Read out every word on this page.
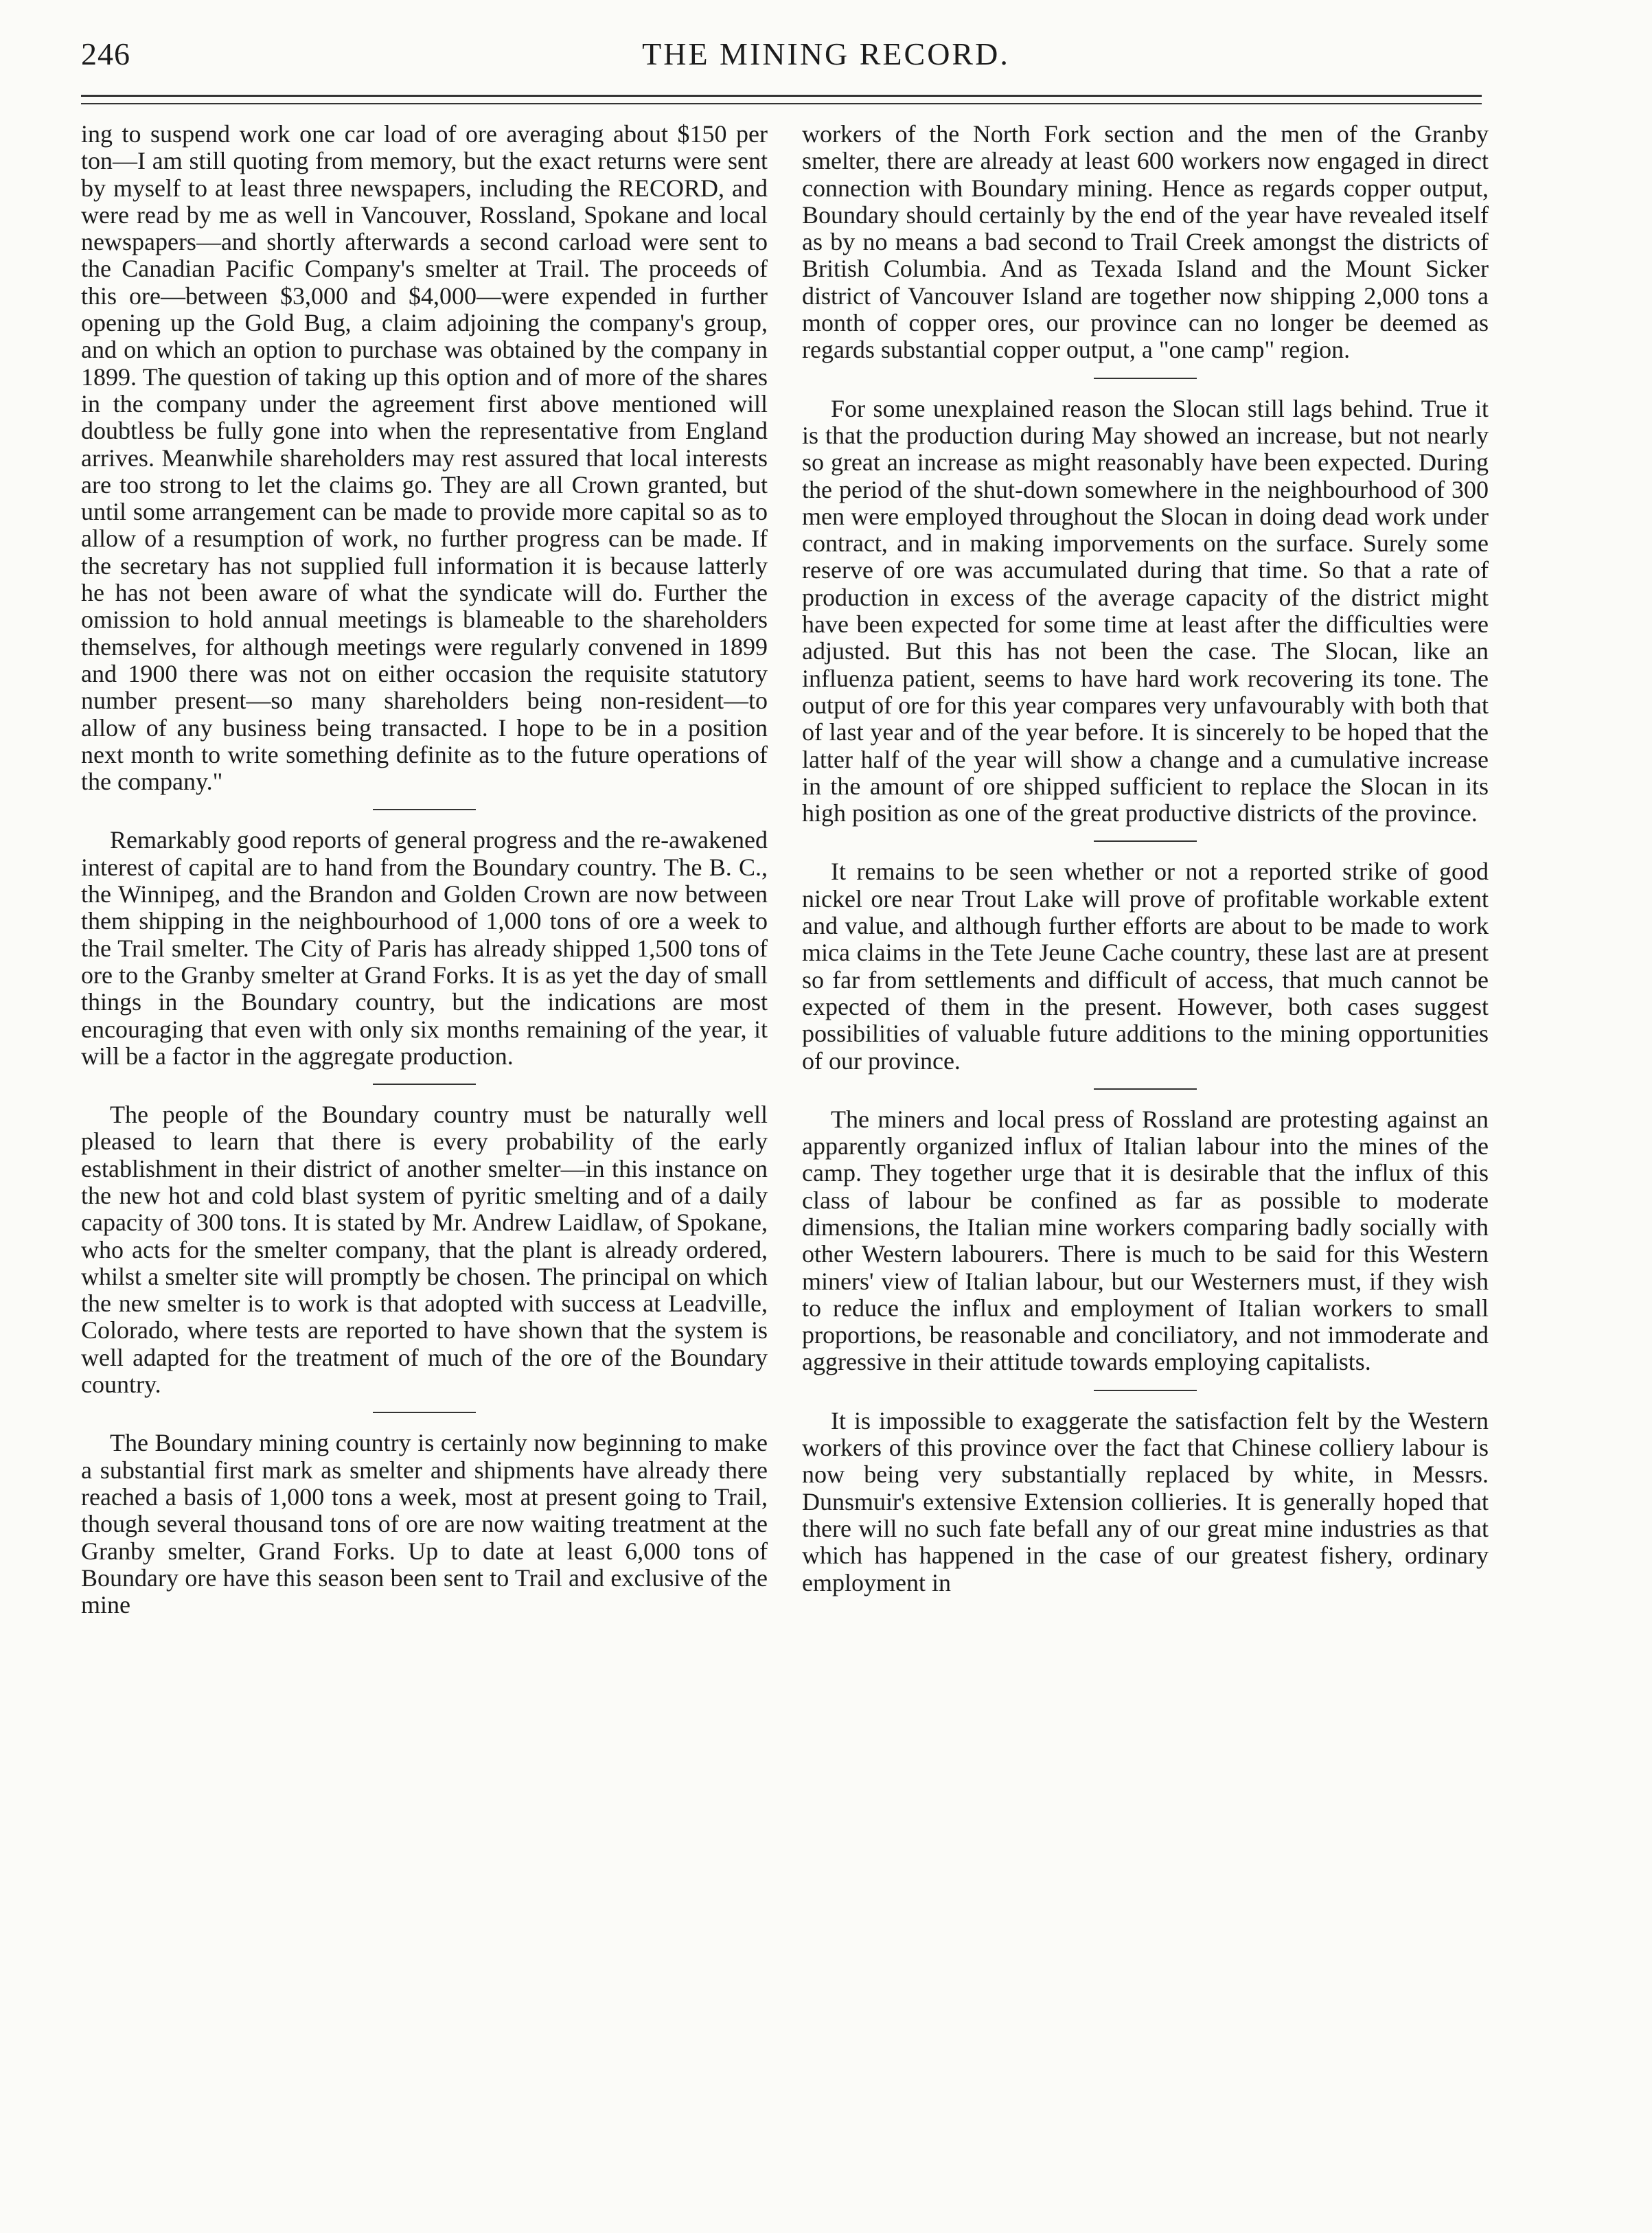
246	THE MINING RECORD.

ing to suspend work one car load of ore averaging about $150 per ton—I am still quoting from memory, but the exact returns were sent by myself to at least three newspapers, including the RECORD, and were read by me as well in Vancouver, Rossland, Spokane and local newspapers—and shortly afterwards a second carload were sent to the Canadian Pacific Company's smelter at Trail. The proceeds of this ore—between $3,000 and $4,000—were expended in further opening up the Gold Bug, a claim adjoining the company's group, and on which an option to purchase was obtained by the company in 1899. The question of taking up this option and of more of the shares in the company under the agreement first above mentioned will doubtless be fully gone into when the representative from England arrives. Meanwhile shareholders may rest assured that local interests are too strong to let the claims go. They are all Crown granted, but until some arrangement can be made to provide more capital so as to allow of a resumption of work, no further progress can be made. If the secretary has not supplied full information it is because latterly he has not been aware of what the syndicate will do. Further the omission to hold annual meetings is blameable to the shareholders themselves, for although meetings were regularly convened in 1899 and 1900 there was not on either occasion the requisite statutory number present—so many shareholders being non-resident—to allow of any business being transacted. I hope to be in a position next month to write something definite as to the future operations of the company."

Remarkably good reports of general progress and the re-awakened interest of capital are to hand from the Boundary country. The B. C., the Winnipeg, and the Brandon and Golden Crown are now between them shipping in the neighbourhood of 1,000 tons of ore a week to the Trail smelter. The City of Paris has already shipped 1,500 tons of ore to the Granby smelter at Grand Forks. It is as yet the day of small things in the Boundary country, but the indications are most encouraging that even with only six months remaining of the year, it will be a factor in the aggregate production.

The people of the Boundary country must be naturally well pleased to learn that there is every probability of the early establishment in their district of another smelter—in this instance on the new hot and cold blast system of pyritic smelting and of a daily capacity of 300 tons. It is stated by Mr. Andrew Laidlaw, of Spokane, who acts for the smelter company, that the plant is already ordered, whilst a smelter site will promptly be chosen. The principal on which the new smelter is to work is that adopted with success at Leadville, Colorado, where tests are reported to have shown that the system is well adapted for the treatment of much of the ore of the Boundary country.

The Boundary mining country is certainly now beginning to make a substantial first mark as smelter and shipments have already there reached a basis of 1,000 tons a week, most at present going to Trail, though several thousand tons of ore are now waiting treatment at the Granby smelter, Grand Forks. Up to date at least 6,000 tons of Boundary ore have this season been sent to Trail and exclusive of the mine

workers of the North Fork section and the men of the Granby smelter, there are already at least 600 workers now engaged in direct connection with Boundary mining. Hence as regards copper output, Boundary should certainly by the end of the year have revealed itself as by no means a bad second to Trail Creek amongst the districts of British Columbia. And as Texada Island and the Mount Sicker district of Vancouver Island are together now shipping 2,000 tons a month of copper ores, our province can no longer be deemed as regards substantial copper output, a "one camp" region.

For some unexplained reason the Slocan still lags behind. True it is that the production during May showed an increase, but not nearly so great an increase as might reasonably have been expected. During the period of the shut-down somewhere in the neighbourhood of 300 men were employed throughout the Slocan in doing dead work under contract, and in making imporvements on the surface. Surely some reserve of ore was accumulated during that time. So that a rate of production in excess of the average capacity of the district might have been expected for some time at least after the difficulties were adjusted. But this has not been the case. The Slocan, like an influenza patient, seems to have hard work recovering its tone. The output of ore for this year compares very unfavourably with both that of last year and of the year before. It is sincerely to be hoped that the latter half of the year will show a change and a cumulative increase in the amount of ore shipped sufficient to replace the Slocan in its high position as one of the great productive districts of the province.

It remains to be seen whether or not a reported strike of good nickel ore near Trout Lake will prove of profitable workable extent and value, and although further efforts are about to be made to work mica claims in the Tete Jeune Cache country, these last are at present so far from settlements and difficult of access, that much cannot be expected of them in the present. However, both cases suggest possibilities of valuable future additions to the mining opportunities of our province.

The miners and local press of Rossland are protesting against an apparently organized influx of Italian labour into the mines of the camp. They together urge that it is desirable that the influx of this class of labour be confined as far as possible to moderate dimensions, the Italian mine workers comparing badly socially with other Western labourers. There is much to be said for this Western miners' view of Italian labour, but our Westerners must, if they wish to reduce the influx and employment of Italian workers to small proportions, be reasonable and conciliatory, and not immoderate and aggressive in their attitude towards employing capitalists.

It is impossible to exaggerate the satisfaction felt by the Western workers of this province over the fact that Chinese colliery labour is now being very substantially replaced by white, in Messrs. Dunsmuir's extensive Extension collieries. It is generally hoped that there will no such fate befall any of our great mine industries as that which has happened in the case of our greatest fishery, ordinary employment in
